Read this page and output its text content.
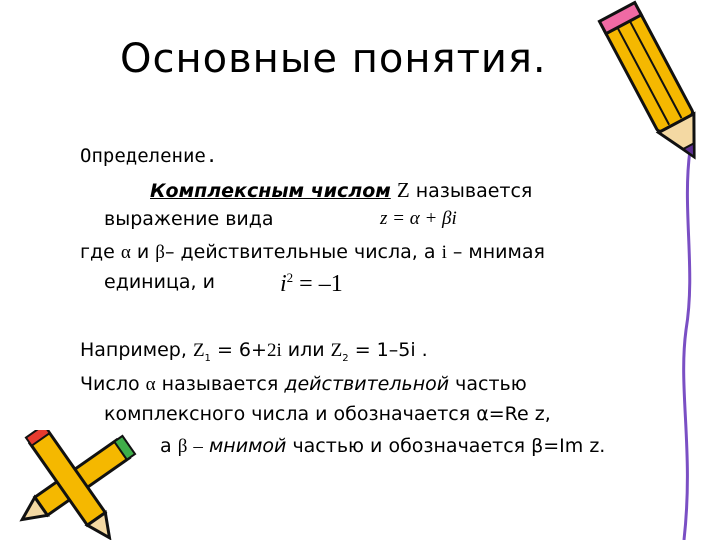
Основные понятия.
Определение.
Комплексным числом Z называется
выражение вида	z = α + βi
где α и β– действительные числа, а i – мнимая
единица, и	$i^2 = -1$
Например, $Z_1 = 6+2i$ или $Z_2 = 1-5i$ .
Число α называется действительной частью
комплексного числа и обозначается α=Re z,
а β – мнимой частью и обозначается β=Im z.
